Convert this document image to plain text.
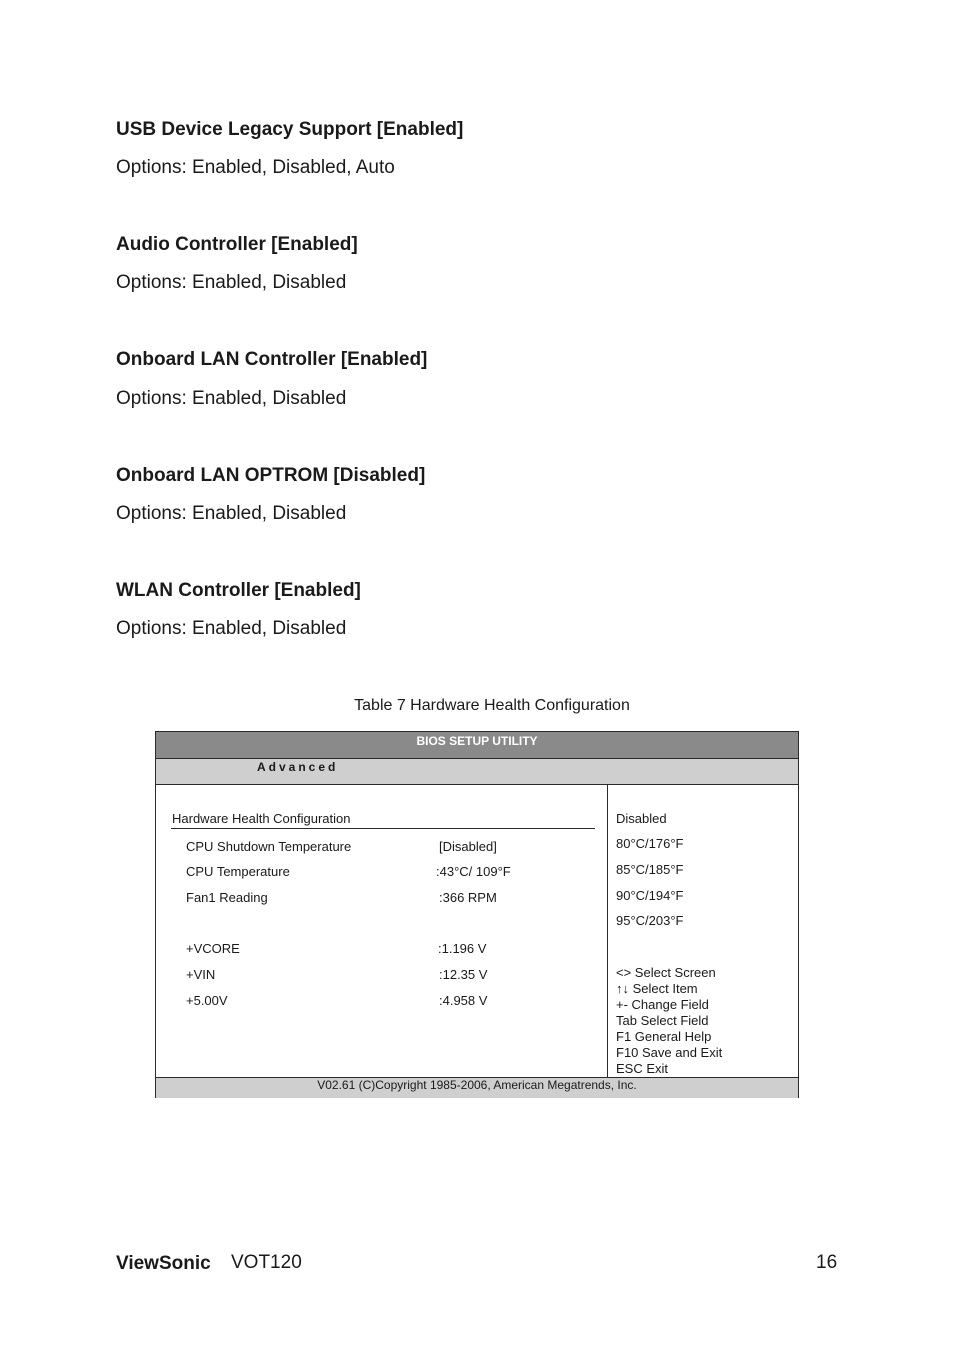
USB Device Legacy Support [Enabled]
Options: Enabled, Disabled, Auto
Audio Controller [Enabled]
Options: Enabled, Disabled
Onboard LAN Controller [Enabled]
Options: Enabled, Disabled
Onboard LAN OPTROM [Disabled]
Options: Enabled, Disabled
WLAN Controller [Enabled]
Options: Enabled, Disabled
Table 7 Hardware Health Configuration
BIOS SETUP UTILITY
Advanced
Hardware Health Configuration
CPU Shutdown Temperature	[Disabled]
CPU Temperature	:43°C/ 109°F
Fan1 Reading	:366 RPM
+VCORE	:1.196 V
+VIN	:12.35 V
+5.00V	:4.958 V
Disabled
80°C/176°F
85°C/185°F
90°C/194°F
95°C/203°F
<> Select Screen
↑↓ Select Item
+- Change Field
Tab Select Field
F1 General Help
F10 Save and Exit
ESC Exit
V02.61 (C)Copyright 1985-2006, American Megatrends, Inc.
ViewSonic VOT120	16
